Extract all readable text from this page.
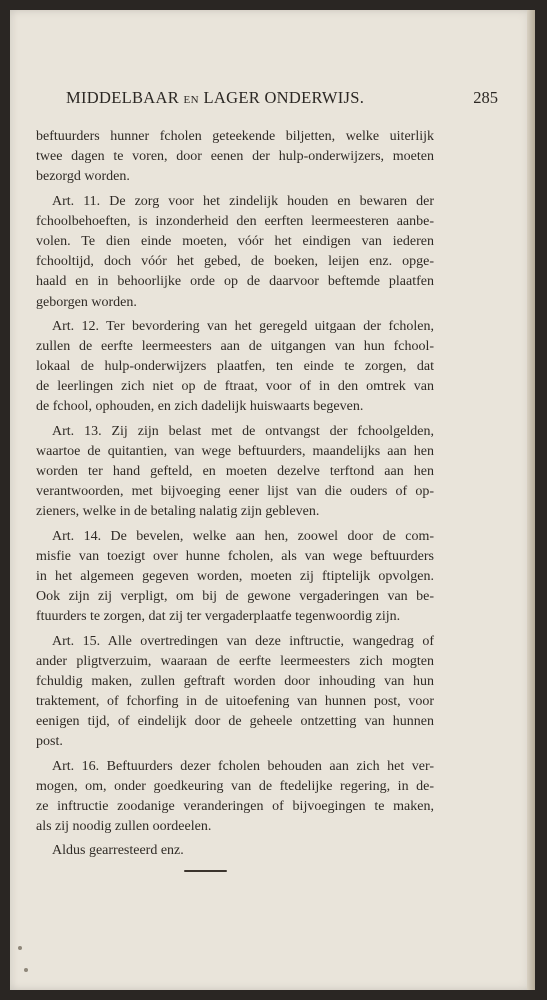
MIDDELBAAR EN LAGER ONDERWIJS.	285
beftuurders hunner fcholen geteekende biljetten, welke uiterlijk
twee dagen te voren, door eenen der hulp-onderwijzers, moeten
bezorgd worden.
Art. 11. De zorg voor het zindelijk houden en bewaren der
fchoolbehoeften, is inzonderheid den eerften leermeesteren aanbe-
volen. Te dien einde moeten, vóór het eindigen van iederen
fchooltijd, doch vóór het gebed, de boeken, leijen enz. opge-
haald en in behoorlijke orde op de daarvoor beftemde plaatfen
geborgen worden.
Art. 12. Ter bevordering van het geregeld uitgaan der fcholen,
zullen de eerfte leermeesters aan de uitgangen van hun fchool-
lokaal de hulp-onderwijzers plaatfen, ten einde te zorgen, dat
de leerlingen zich niet op de ftraat, voor of in den omtrek van
de fchool, ophouden, en zich dadelijk huiswaarts begeven.
Art. 13. Zij zijn belast met de ontvangst der fchoolgelden,
waartoe de quitantien, van wege beftuurders, maandelijks aan hen
worden ter hand gefteld, en moeten dezelve terftond aan hen
verantwoorden, met bijvoeging eener lijst van die ouders of op-
zieners, welke in de betaling nalatig zijn gebleven.
Art. 14. De bevelen, welke aan hen, zoowel door de com-
misfie van toezigt over hunne fcholen, als van wege beftuurders
in het algemeen gegeven worden, moeten zij ftiptelijk opvolgen.
Ook zijn zij verpligt, om bij de gewone vergaderingen van be-
ftuurders te zorgen, dat zij ter vergaderplaatfe tegenwoordig zijn.
Art. 15. Alle overtredingen van deze inftructie, wangedrag of
ander pligtverzuim, waaraan de eerfte leermeesters zich mogten
fchuldig maken, zullen geftraft worden door inhouding van hun
traktement, of fchorfing in de uitoefening van hunnen post, voor
eenigen tijd, of eindelijk door de geheele ontzetting van hunnen
post.
Art. 16. Beftuurders dezer fcholen behouden aan zich het ver-
mogen, om, onder goedkeuring van de ftedelijke regering, in de-
ze inftructie zoodanige veranderingen of bijvoegingen te maken,
als zij noodig zullen oordeelen.
Aldus gearresteerd enz.
